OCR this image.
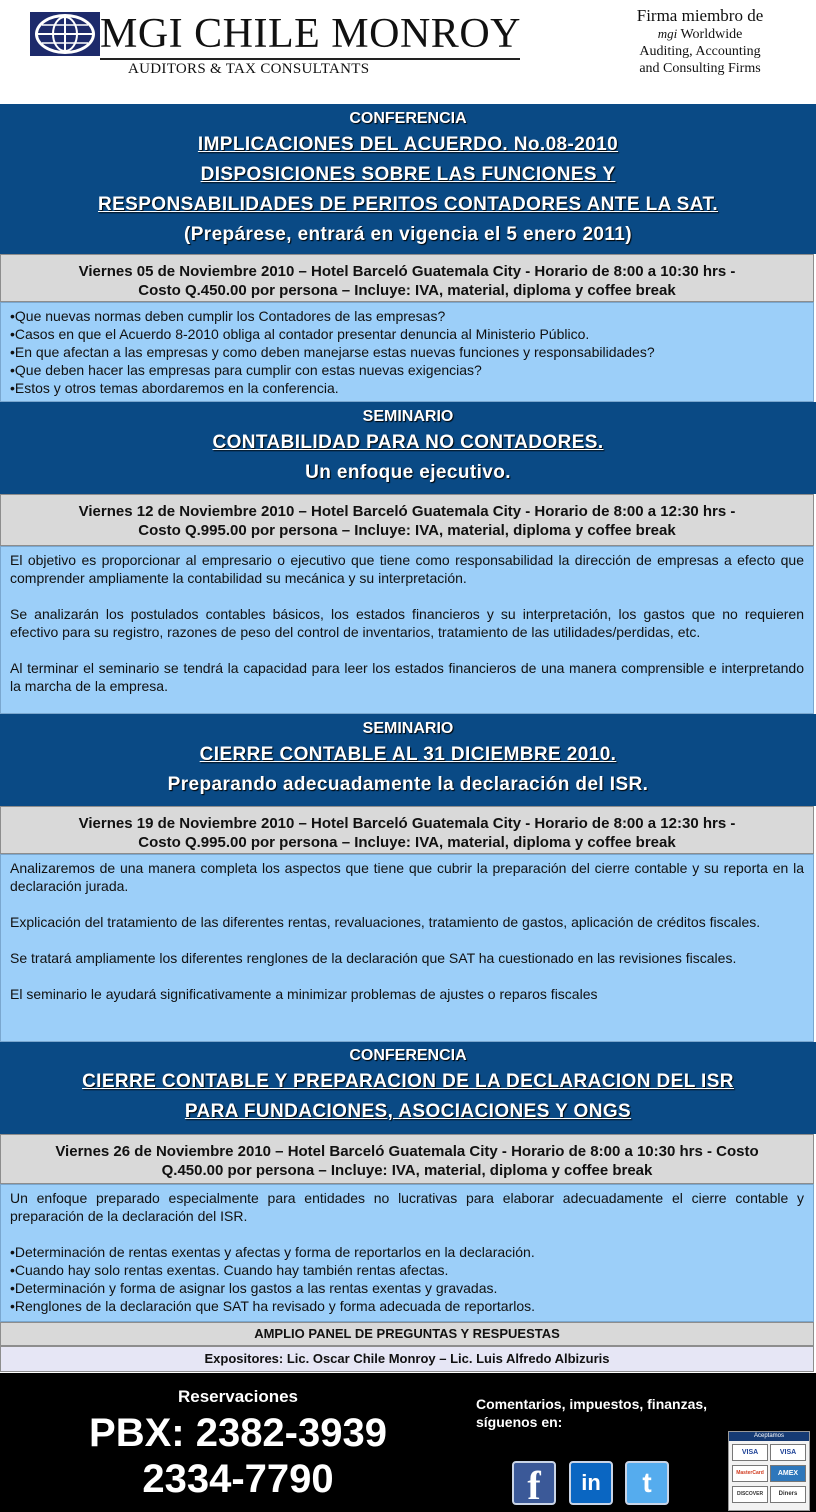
MGI CHILE MONROY
AUDITORS & TAX CONSULTANTS
Firma miembro de
mgi Worldwide
Auditing, Accounting
and Consulting Firms
CONFERENCIA
IMPLICACIONES DEL ACUERDO. No.08-2010
DISPOSICIONES SOBRE LAS FUNCIONES Y
RESPONSABILIDADES DE PERITOS CONTADORES ANTE LA SAT.
(Prepárese, entrará en vigencia el 5 enero 2011)
Viernes 05 de Noviembre 2010 – Hotel Barceló Guatemala City - Horario de 8:00 a 10:30 hrs -
Costo Q.450.00 por persona – Incluye: IVA, material, diploma y coffee break

•Que nuevas normas deben cumplir los Contadores de las empresas?

•Casos en que el Acuerdo 8-2010 obliga al contador presentar denuncia al Ministerio Público.

•En que afectan a las empresas y como deben manejarse estas nuevas funciones y responsabilidades?

•Que deben hacer las empresas para cumplir con estas nuevas exigencias?

•Estos y otros temas abordaremos en la conferencia.

SEMINARIO
CONTABILIDAD PARA NO CONTADORES.
Un enfoque ejecutivo.
Viernes 12 de Noviembre 2010 – Hotel Barceló Guatemala City - Horario de 8:00 a 12:30 hrs -
Costo Q.995.00 por persona – Incluye: IVA, material, diploma y coffee break

El objetivo es proporcionar al empresario o ejecutivo que tiene como responsabilidad la dirección de empresas a efecto que comprender ampliamente la contabilidad su mecánica y su interpretación.

Se analizarán los postulados contables básicos, los estados financieros y su interpretación, los gastos que no requieren efectivo para su registro, razones de peso del control de inventarios, tratamiento de las utilidades/perdidas, etc.

Al terminar el seminario se tendrá la capacidad para leer los estados financieros de una manera comprensible e interpretando la marcha de la empresa.

SEMINARIO
CIERRE CONTABLE AL 31 DICIEMBRE 2010.
Preparando adecuadamente la declaración del ISR.
Viernes 19 de Noviembre 2010 – Hotel Barceló Guatemala City - Horario de 8:00 a 12:30 hrs -
Costo Q.995.00 por persona – Incluye: IVA, material, diploma y coffee break

Analizaremos de una manera completa los aspectos que tiene que cubrir la preparación del cierre contable y su reporta en la declaración jurada.

Explicación del tratamiento de las diferentes rentas, revaluaciones, tratamiento de gastos, aplicación de créditos fiscales.

Se tratará ampliamente los diferentes renglones de la declaración que SAT ha cuestionado en las revisiones fiscales.

El seminario le ayudará significativamente a minimizar problemas de ajustes o reparos fiscales

CONFERENCIA
CIERRE CONTABLE Y PREPARACION DE LA DECLARACION DEL ISR
PARA FUNDACIONES, ASOCIACIONES Y ONGS
Viernes 26 de Noviembre 2010 – Hotel Barceló Guatemala City - Horario de 8:00 a 10:30 hrs - Costo
Q.450.00 por persona – Incluye: IVA, material, diploma y coffee break

Un enfoque preparado especialmente para entidades no lucrativas para elaborar adecuadamente el cierre contable y preparación de la declaración del ISR.

•Determinación de rentas exentas y afectas y forma de reportarlos en la declaración.

•Cuando hay solo rentas exentas. Cuando hay también rentas afectas.

•Determinación y forma de asignar los gastos a las rentas exentas y gravadas.

•Renglones de la declaración que SAT ha revisado y forma adecuada de reportarlos.

AMPLIO PANEL DE PREGUNTAS Y RESPUESTAS
Expositores: Lic. Oscar Chile Monroy – Lic. Luis Alfredo Albizuris
Reservaciones
PBX: 2382-3939
2334-7790
Comentarios, impuestos, finanzas,
síguenos en:
f	in	t
Aceptamos
VISA	VISA
MasterCard	AMEX
DISCOVER	Diners
